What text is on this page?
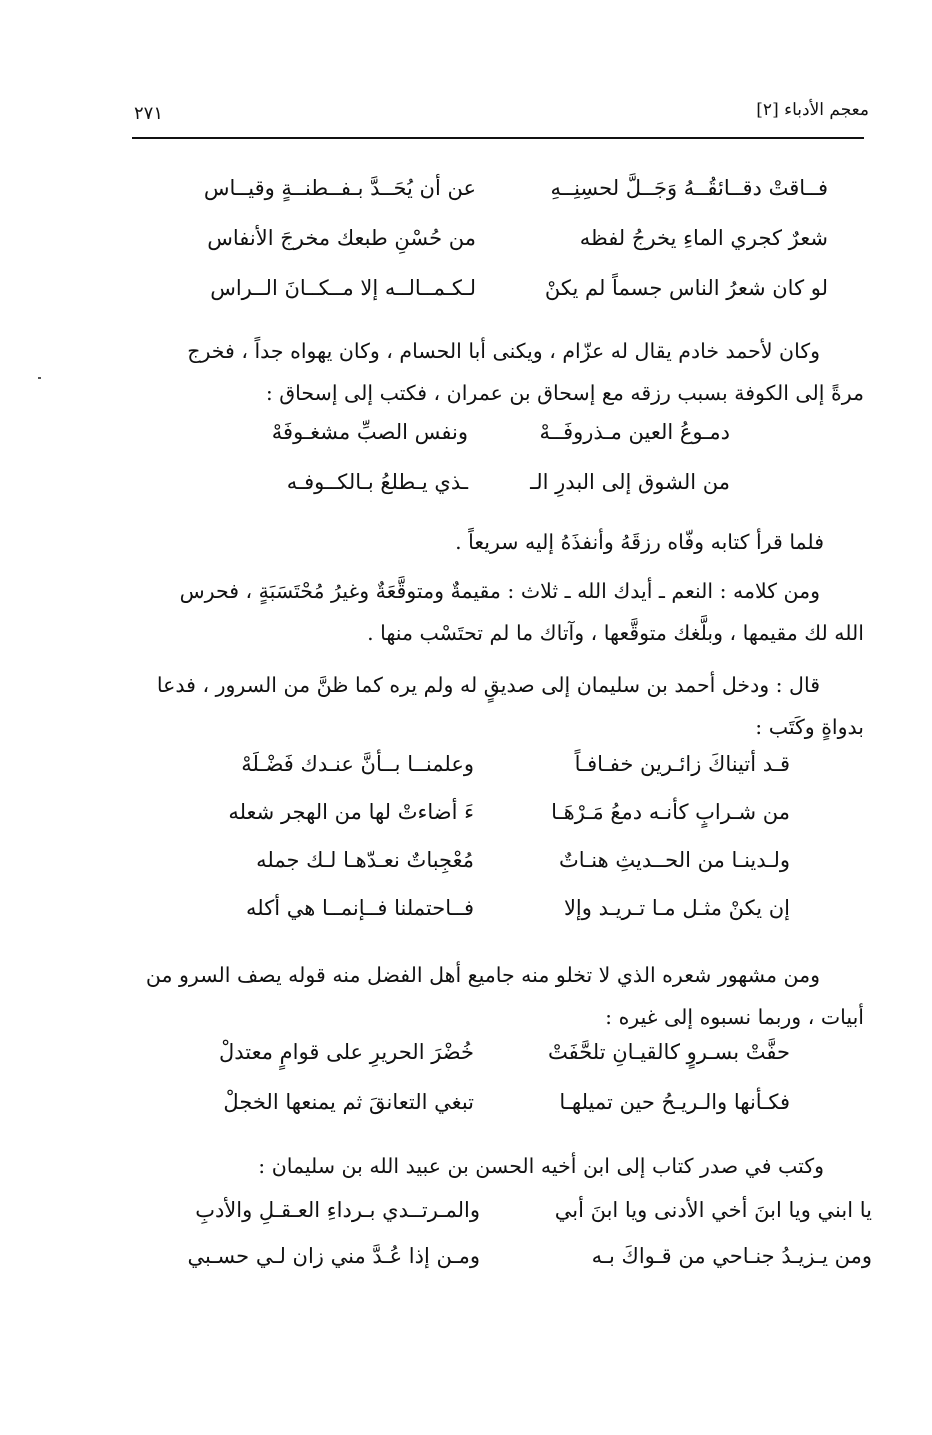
معجم الأدباء [٢]
٢٧١
فــاقتْ دقــائقُــهُ وَجَــلَّ لحسِنِــهِ
عن أن يُحَــدَّ بـفــطنــةٍ وقيــاس
شعرٌ كجري الماءِ يخرجُ لفظه
من حُسْنِ طبعك مخرجَ الأنفاس
لو كان شعرُ الناس جسماً لم يكنْ
لـكـمــالــه إلا مــكــانَ الــراس
وكان لأحمد خادم يقال له عزّام ، ويكنى أبا الحسام ، وكان يهواه جداً ، فخرج
مرةً إلى الكوفة بسبب رزقه مع إسحاق بن عمران ، فكتب إلى إسحاق :
دمـوعُ العين مـذروفَــهْ
ونفس الصبِّ مشغـوفَهْ
من الشوق إلى البدرِ الـ
ـذي يـطلعُ بـالكــوفـه
فلما قرأ كتابه وفّاه رزقَهُ وأنفذَهُ إليه سريعاً .
ومن كلامه : النعم ـ أيدك الله ـ ثلاث : مقيمةٌ ومتوقَّعَةٌ وغيرُ مُحْتَسَبَةٍ ، فحرس
الله لك مقيمها ، وبلَّغك متوقَّعها ، وآتاك ما لم تحتَسْب منها .
قال : ودخل أحمد بن سليمان إلى صديقٍ له ولم يره كما ظنَّ من السرور ، فدعا
بدواةٍ وكَتَب :
قـد أتيناكَ زائـرين خفـافـاً
وعلمنــا بــأنَّ عنـدك فَضْـلَهْ
من شـرابٍ كأنـه دمعُ مَـرْهَـا
ءَ أضاءتْ لها من الهجر شعله
ولـدينـا من الحــديثِ هنـاتٌ
مُعْجِباتٌ نعـدّهـا لـك جمله
إن يكنْ مثـل مـا تـريـد وإلا
فــاحتملنا فــإنمــا هي أكله
ومن مشهور شعره الذي لا تخلو منه جاميع أهل الفضل منه قوله يصف السرو من
أبيات ، وربما نسبوه إلى غيره :
حفَّتْ بسـروٍ كالقيـانِ تلحَّفَتْ
خُضْرَ الحريرِ على قوامٍ معتدلْ
فكـأنها والـريـحُ حين تميلهـا
تبغي التعانقَ ثم يمنعها الخجلْ
وكتب في صدر كتاب إلى ابن أخيه الحسن بن عبيد الله بن سليمان :
يا ابني ويا ابنَ أخي الأدنى ويا ابنَ أبي
والمـرتــدي بـرداءِ العـقـلِ والأدبِ
ومن يـزيـدُ جنـاحي من قـواكَ بـه
ومـن إذا عُـدَّ مني زان لـي حسـبي
